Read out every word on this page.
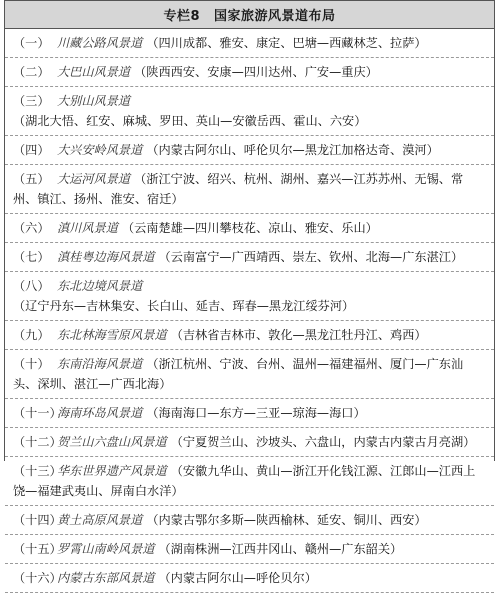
专栏8 国家旅游风景道布局
（一） 川藏公路风景道 （四川成都、雅安、康定、巴塘—西藏林芝、拉萨）
（二） 大巴山风景道 （陕西西安、安康—四川达州、广安—重庆）
（三） 大别山风景道（湖北大悟、红安、麻城、罗田、英山—安徽岳西、霍山、六安）
（四） 大兴安岭风景道 （内蒙古阿尔山、呼伦贝尔—黑龙江加格达奇、漠河）
（五） 大运河风景道 （浙江宁波、绍兴、杭州、湖州、嘉兴—江苏苏州、无锡、常州、镇江、扬州、淮安、宿迁）
（六） 滇川风景道 （云南楚雄—四川攀枝花、凉山、雅安、乐山）
（七） 滇桂粤边海风景道 （云南富宁—广西靖西、崇左、钦州、北海—广东湛江）
（八） 东北边境风景道（辽宁丹东—吉林集安、长白山、延吉、珲春—黑龙江绥芬河）
（九） 东北林海雪原风景道 （吉林省吉林市、敦化—黑龙江牡丹江、鸡西）
（十） 东南沿海风景道 （浙江杭州、宁波、台州、温州—福建福州、厦门—广东汕头、深圳、湛江—广西北海）
（十一）海南环岛风景道 （海南海口—东方—三亚—琼海—海口）
（十二）贺兰山六盘山风景道 （宁夏贺兰山、沙坡头、六盘山，内蒙古内蒙古月亮湖）
（十三）华东世界遗产风景道 （安徽九华山、黄山—浙江开化钱江源、江郎山—江西上饶—福建武夷山、屏南白水洋）
（十四）黄土高原风景道 （内蒙古鄂尔多斯—陕西榆林、延安、铜川、西安）
（十五）罗霄山南岭风景道 （湖南株洲—江西井冈山、赣州—广东韶关）
（十六）内蒙古东部风景道 （内蒙古阿尔山—呼伦贝尔）
